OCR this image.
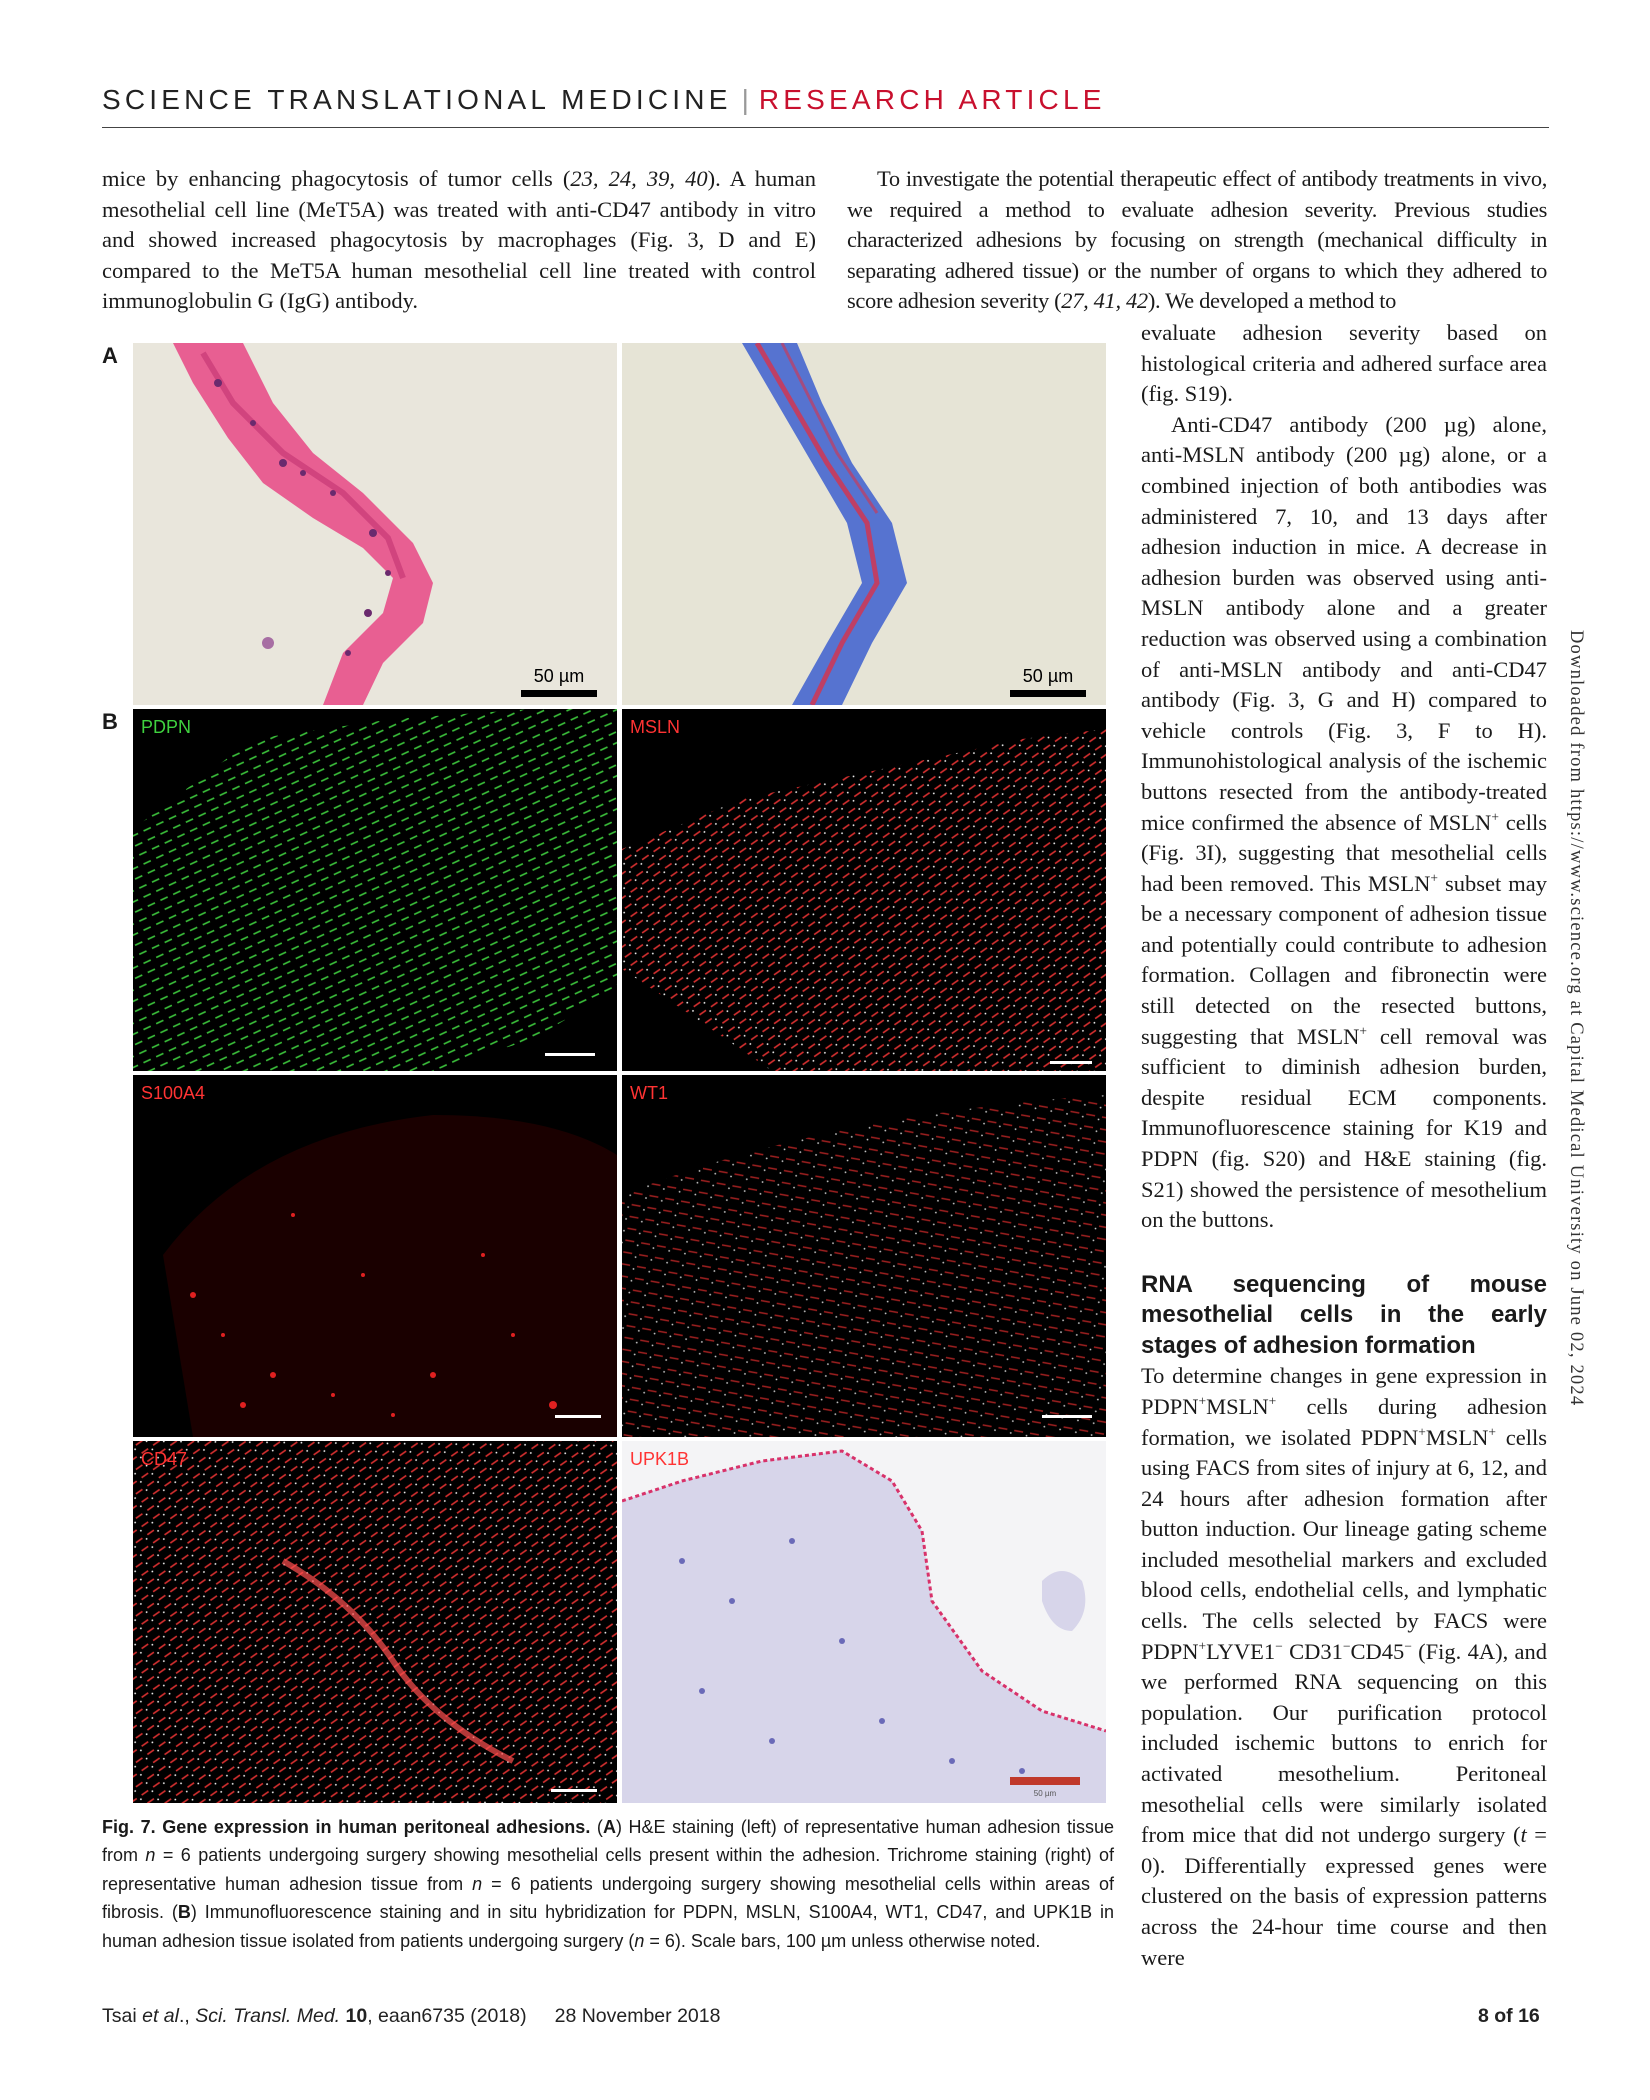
SCIENCE TRANSLATIONAL MEDICINE | RESEARCH ARTICLE

mice by enhancing phagocytosis of tumor cells (23, 24, 39, 40). A human mesothelial cell line (MeT5A) was treated with anti-CD47 antibody in vitro and showed increased phagocytosis by macrophages (Fig. 3, D and E) compared to the MeT5A human mesothelial cell line treated with control immunoglobulin G (IgG) antibody.

To investigate the potential therapeutic effect of antibody treatments in vivo, we required a method to evaluate adhesion severity. Previous studies characterized adhesions by focusing on strength (mechanical difficulty in separating adhered tissue) or the number of organs to which they adhered to score adhesion severity (27, 41, 42). We developed a method to

evaluate adhesion severity based on histological criteria and adhered surface area (fig. S19).

Anti-CD47 antibody (200 µg) alone, anti-MSLN antibody (200 µg) alone, or a combined injection of both antibodies was administered 7, 10, and 13 days after adhesion induction in mice. A decrease in adhesion burden was observed using anti-MSLN antibody alone and a greater reduction was observed using a combination of anti-MSLN antibody and anti-CD47 antibody (Fig. 3, G and H) compared to vehicle controls (Fig. 3, F to H). Immunohistological analysis of the ischemic buttons resected from the antibody-treated mice confirmed the absence of MSLN+ cells (Fig. 3I), suggesting that mesothelial cells had been removed. This MSLN+ subset may be a necessary component of adhesion tissue and potentially could contribute to adhesion formation. Collagen and fibronectin were still detected on the resected buttons, suggesting that MSLN+ cell removal was sufficient to diminish adhesion burden, despite residual ECM components. Immunofluorescence staining for K19 and PDPN (fig. S20) and H&E staining (fig. S21) showed the persistence of mesothelium on the buttons.

RNA sequencing of mouse mesothelial cells in the early stages of adhesion formation

To determine changes in gene expression in PDPN+MSLN+ cells during adhesion formation, we isolated PDPN+MSLN+ cells using FACS from sites of injury at 6, 12, and 24 hours after adhesion formation after button induction. Our lineage gating scheme included mesothelial markers and excluded blood cells, endothelial cells, and lymphatic cells. The cells selected by FACS were PDPN+LYVE1− CD31−CD45− (Fig. 4A), and we performed RNA sequencing on this population. Our purification protocol included ischemic buttons to enrich for activated mesothelium. Peritoneal mesothelial cells were similarly isolated from mice that did not undergo surgery (t = 0). Differentially expressed genes were clustered on the basis of expression patterns across the 24-hour time course and then were

A
B
50 µm	50 µm
PDPN	MSLN
S100A4	WT1
CD47	UPK1B
50 µm
Fig. 7. Gene expression in human peritoneal adhesions. (A) H&E staining (left) of representative human adhesion tissue from n = 6 patients undergoing surgery showing mesothelial cells present within the adhesion. Trichrome staining (right) of representative human adhesion tissue from n = 6 patients undergoing surgery showing mesothelial cells within areas of fibrosis. (B) Immunofluorescence staining and in situ hybridization for PDPN, MSLN, S100A4, WT1, CD47, and UPK1B in human adhesion tissue isolated from patients undergoing surgery (n = 6). Scale bars, 100 µm unless otherwise noted.
Tsai et al., Sci. Transl. Med. 10, eaan6735 (2018) 28 November 2018	8 of 16
Downloaded from https://www.science.org at Capital Medical University on June 02, 2024
